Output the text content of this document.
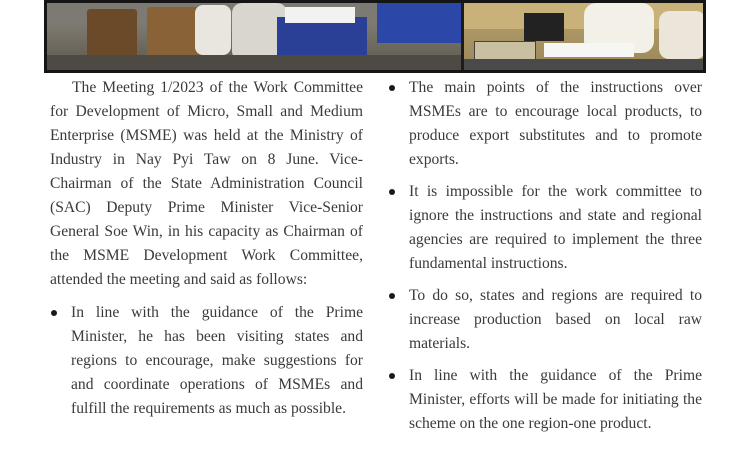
The Meeting 1/2023 of the Work Committee for Development of Micro, Small and Medium Enterprise (MSME) was held at the Ministry of Industry in Nay Pyi Taw on 8 June. Vice-Chairman of the State Administration Council (SAC) Deputy Prime Minister Vice-Senior General Soe Win, in his capacity as Chairman of the MSME Development Work Committee, attended the meeting and said as follows:

In line with the guidance of the Prime Minister, he has been visiting states and regions to encourage, make suggestions for and coordinate operations of MSMEs and fulfill the requirements as much as possible.
The main points of the instructions over MSMEs are to encourage local products, to produce export substitutes and to promote exports.
It is impossible for the work committee to ignore the instructions and state and regional agencies are required to implement the three fundamental instructions.
To do so, states and regions are required to increase production based on local raw materials.
In line with the guidance of the Prime Minister, efforts will be made for initiating the scheme on the one region-one product.
